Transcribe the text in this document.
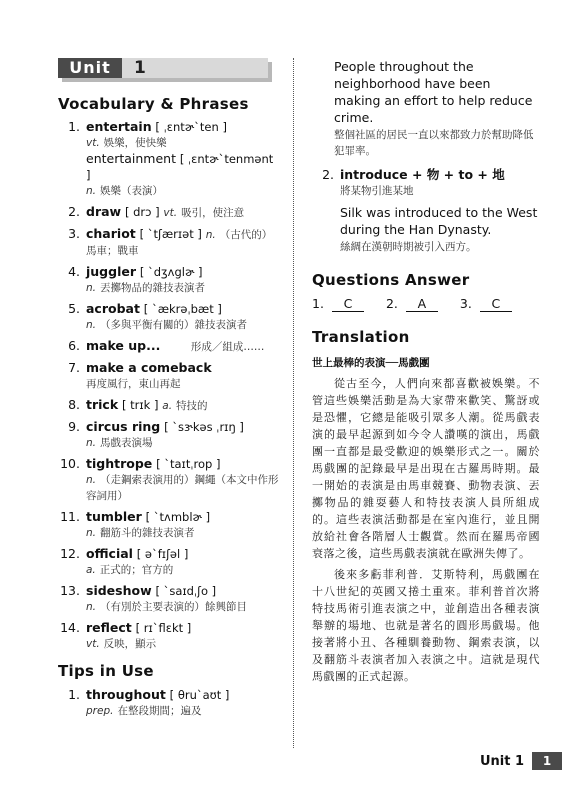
Unit	1
Vocabulary & Phrases
1. entertain [ ˌɛntɚˋten ]
vt. 娛樂，使快樂
entertainment [ ˌɛntɚˋtenmənt ]
n. 娛樂（表演）
2. draw [ drɔ ] vt. 吸引，使注意
3. chariot [ ˋtʃærɪət ] n. （古代的）
馬車；戰車
4. juggler [ ˋdʒʌglɚ ]
n. 丟擲物品的雜技表演者
5. acrobat [ ˋækrəˌbæt ]
n. （多與平衡有關的）雜技表演者
6. make up...	形成／組成……
7. make a comeback
再度風行，東山再起
8. trick [ trɪk ] a. 特技的
9. circus ring [ ˋsɝkəs ˌrɪŋ ]
n. 馬戲表演場
10. tightrope [ ˋtaɪtˌrop ]
n. （走鋼索表演用的）鋼繩（本文中作形容詞用）
11. tumbler [ ˋtʌmblɚ ]
n. 翻筋斗的雜技表演者
12. official [ əˋfɪʃəl ]
a. 正式的；官方的
13. sideshow [ ˋsaɪdˌʃo ]
n. （有別於主要表演的）餘興節目
14. reflect [ rɪˋflɛkt ]
vt. 反映，顯示
Tips in Use
1. throughout [ θruˋaʊt ]
prep. 在整段期間；遍及
People throughout the neighborhood have been making an effort to help reduce crime.
整個社區的居民一直以來都致力於幫助降低犯罪率。
2. introduce + 物 + to + 地
將某物引進某地
Silk was introduced to the West during the Han Dynasty.
絲綢在漢朝時期被引入西方。
Questions Answer
1. C	2. A	3. C
Translation
世上最棒的表演──馬戲團

從古至今，人們向來都喜歡被娛樂。不管這些娛樂活動是為大家帶來歡笑、驚訝或是恐懼，它總是能吸引眾多人潮。從馬戲表演的最早起源到如今令人讚嘆的演出，馬戲團一直都是最受歡迎的娛樂形式之一。關於馬戲團的記錄最早是出現在古羅馬時期。最一開始的表演是由馬車競賽、動物表演、丟擲物品的雜耍藝人和特技表演人員所組成的。這些表演活動都是在室內進行，並且開放給社會各階層人士觀賞。然而在羅馬帝國衰落之後，這些馬戲表演就在歐洲失傳了。

後來多虧菲利普．艾斯特利，馬戲團在十八世紀的英國又捲土重來。菲利普首次將特技馬術引進表演之中，並創造出各種表演舉辦的場地、也就是著名的圓形馬戲場。他接著將小丑、各種馴養動物、鋼索表演，以及翻筋斗表演者加入表演之中。這就是現代馬戲團的正式起源。

Unit 1	1
